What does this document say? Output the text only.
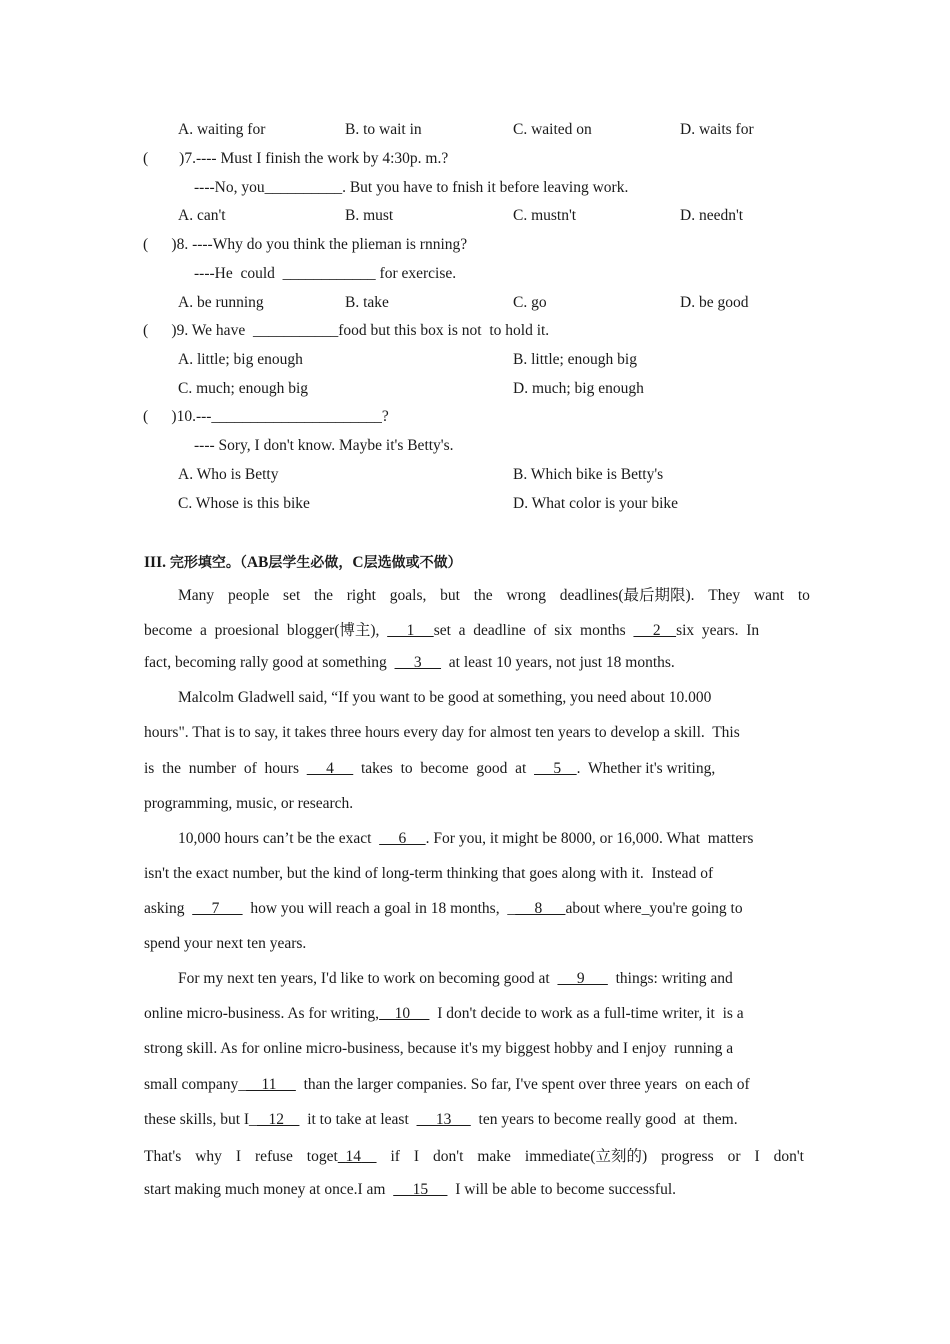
A. waiting for	B. to wait in	C. waited on	D. waits for
(        )7.---- Must I finish the work by 4:30p. m.?
----No, you__________. But you have to fnish it before leaving work.
A. can't	B. must	C. mustn't	D. needn't
(      )8. ----Why do you think the plieman is rnning?
----He  could  ____________ for exercise.
A. be running	B. take	C. go	D. be good
(      )9. We have  ___________food but this box is not  to hold it.
A. little; big enough	B. little; enough big
C. much; enough big	D. much; big enough
(      )10.---______________________?
---- Sory, I don't know. Maybe it's Betty's.
A. Who is Betty	B. Which bike is Betty's
C. Whose is this bike	D. What color is your bike
III. 完形填空。（AB层学生必做，C层选做或不做）
Many people set the right goals, but the wrong deadlines(最后期限). They want to
become  a  proesional  blogger(博主),       1     set  a  deadline  of  six  months       2    six  years.  In
fact, becoming rally good at something       3       at least 10 years, not just 18 months.
Malcolm Gladwell said, “If you want to be good at something, you need about 10.000
hours". That is to say, it takes three hours every day for almost ten years to develop a skill.  This
is  the  number  of  hours       4       takes  to  become  good  at       5    .  Whether it's writing,
programming, music, or research.
10,000 hours can’t be the exact       6     . For you, it might be 8000, or 16,000. What  matters
isn't the exact number, but the kind of long-term thinking that goes along with it.  Instead of
asking       7        how you will reach a goal in 18 months,  _     8      about where_you're going to
spend your next ten years.
For my next ten years, I'd like to work on becoming good at       9        things: writing and
online micro-business. As for writing,    10       I don't decide to work as a full-time writer, it  is a
strong skill. As for online micro-business, because it's my biggest hobby and I enjoy  running a
small company_    11       than the larger companies. So far, I've spent over three years  on each of
these skills, but I_   12      it to take at least       13       ten years to become really good  at  them.
That's why I refuse toget 14	if I don't make immediate(立刻的) progress or I don't
start making much money at once.I am       15       I will be able to become successful.
